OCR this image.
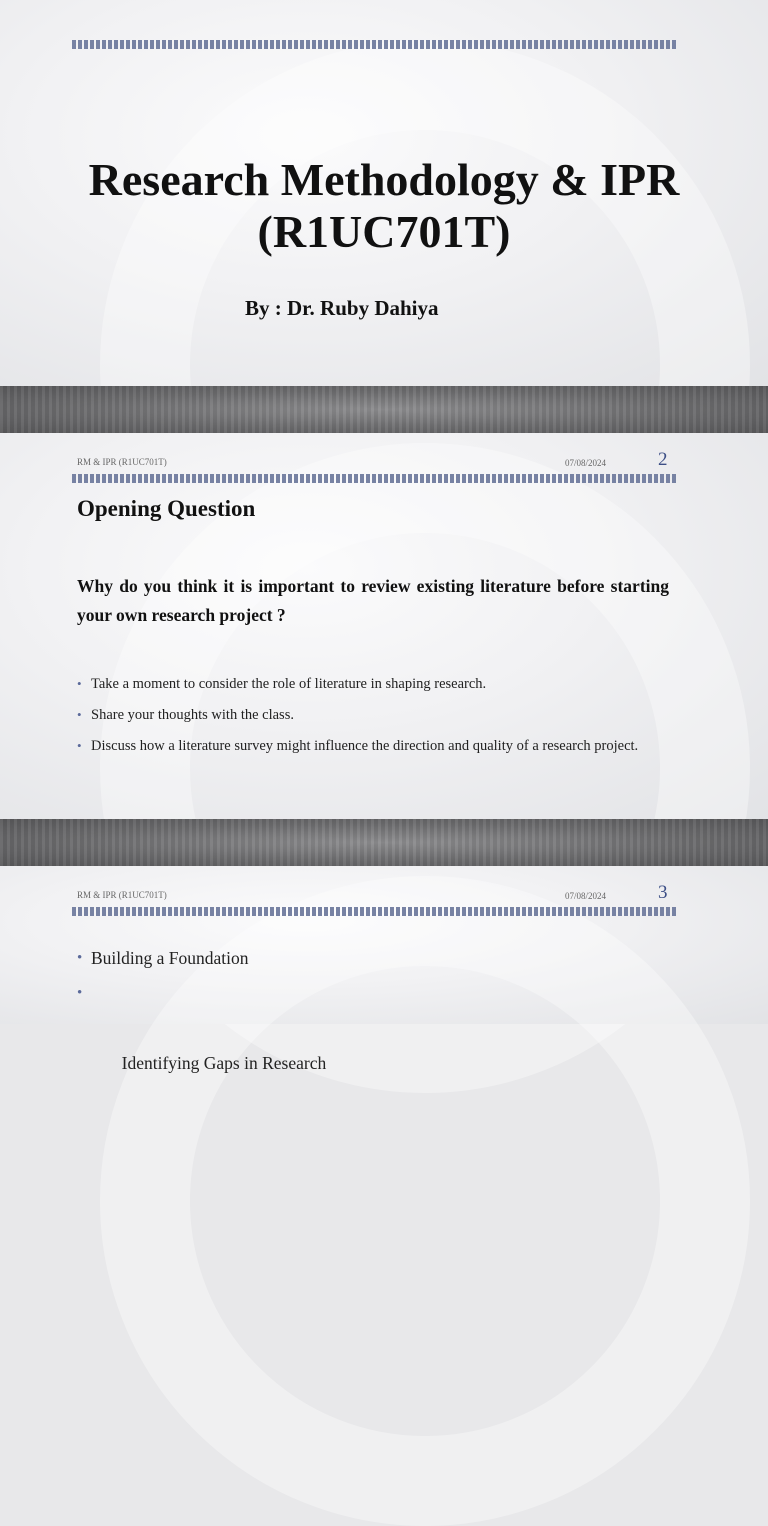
Research Methodology & IPR
(R1UC701T)
By : Dr. Ruby Dahiya
RM & IPR (R1UC701T)	07/08/2024	2
Opening Question
Why do you think it is important to review existing literature before starting your own research project ?
• Take a moment to consider the role of literature in shaping research.
• Share your thoughts with the class.
• Discuss how a literature survey might influence the direction and quality of a research project.
RM & IPR (R1UC701T)	07/08/2024	3
• Building a Foundation

•

Identifying Gaps in Research
